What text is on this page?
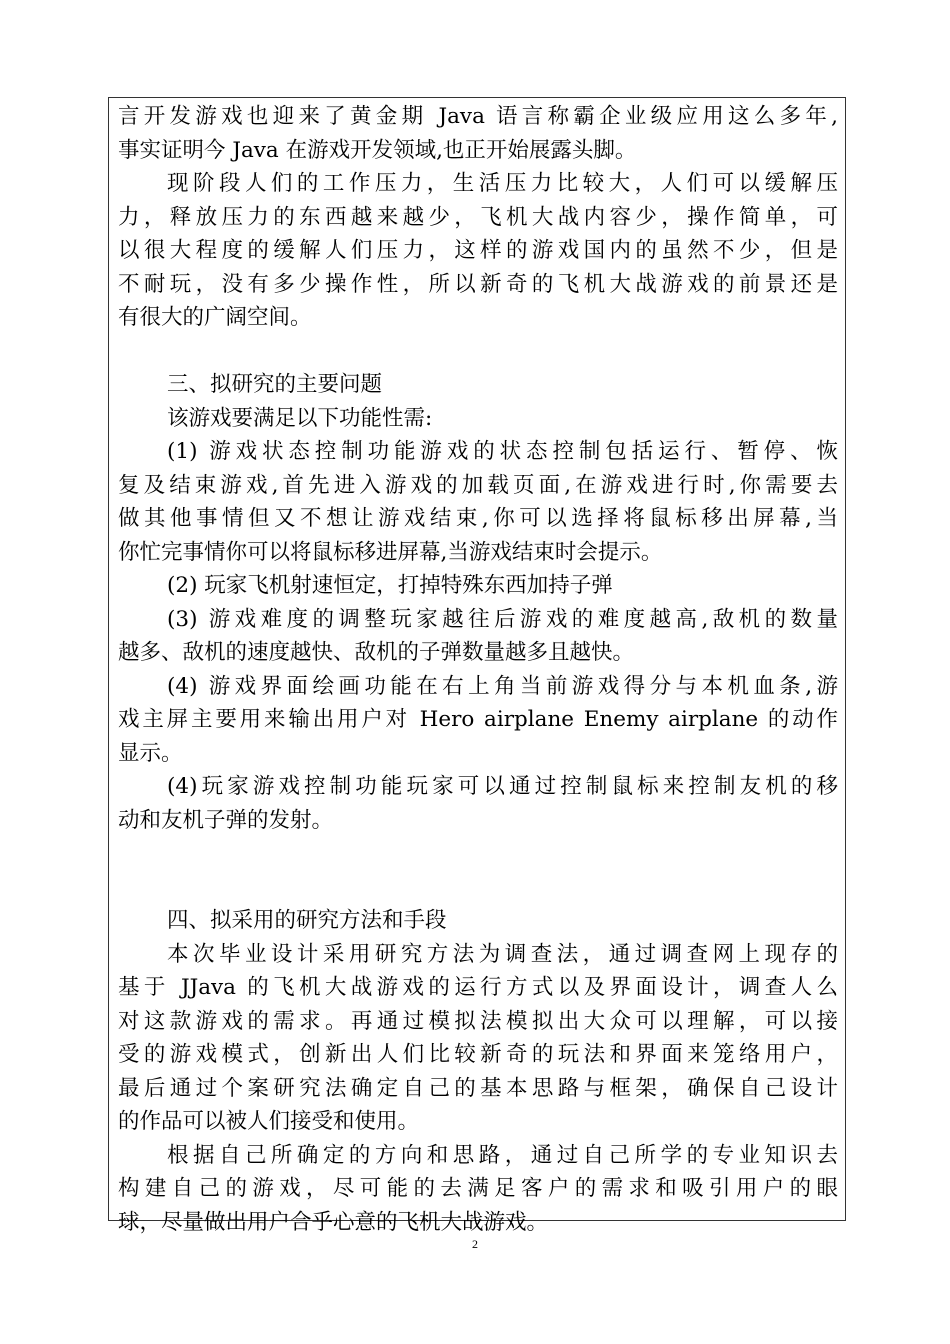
言开发游戏也迎来了黄金期 Java 语言称霸企业级应用这么多年,
事实证明今 Java 在游戏开发领域,也正开始展露头脚。
现阶段人们的工作压力，生活压力比较大，人们可以缓解压
力，释放压力的东西越来越少，飞机大战内容少，操作简单，可
以很大程度的缓解人们压力，这样的游戏国内的虽然不少，但是
不耐玩，没有多少操作性，所以新奇的飞机大战游戏的前景还是
有很大的广阔空间。
三、拟研究的主要问题
该游戏要满足以下功能性需:
(1) 游戏状态控制功能游戏的状态控制包括运行、暂停、恢
复及结束游戏,首先进入游戏的加载页面,在游戏进行时,你需要去
做其他事情但又不想让游戏结束,你可以选择将鼠标移出屏幕,当
你忙完事情你可以将鼠标移进屏幕,当游戏结束时会提示。
(2) 玩家飞机射速恒定，打掉特殊东西加持子弹
(3) 游戏难度的调整玩家越往后游戏的难度越高,敌机的数量
越多、敌机的速度越快、敌机的子弹数量越多且越快。
(4) 游戏界面绘画功能在右上角当前游戏得分与本机血条,游
戏主屏主要用来输出用户对 Hero airplane Enemy airplane 的动作
显示。
(4)玩家游戏控制功能玩家可以通过控制鼠标来控制友机的移
动和友机子弹的发射。
四、拟采用的研究方法和手段
本次毕业设计采用研究方法为调查法，通过调查网上现存的
基于 JJava 的飞机大战游戏的运行方式以及界面设计，调查人么
对这款游戏的需求。再通过模拟法模拟出大众可以理解，可以接
受的游戏模式，创新出人们比较新奇的玩法和界面来笼络用户，
最后通过个案研究法确定自己的基本思路与框架，确保自己设计
的作品可以被人们接受和使用。
根据自己所确定的方向和思路，通过自己所学的专业知识去
构建自己的游戏，尽可能的去满足客户的需求和吸引用户的眼
球，尽量做出用户合乎心意的飞机大战游戏。
2
